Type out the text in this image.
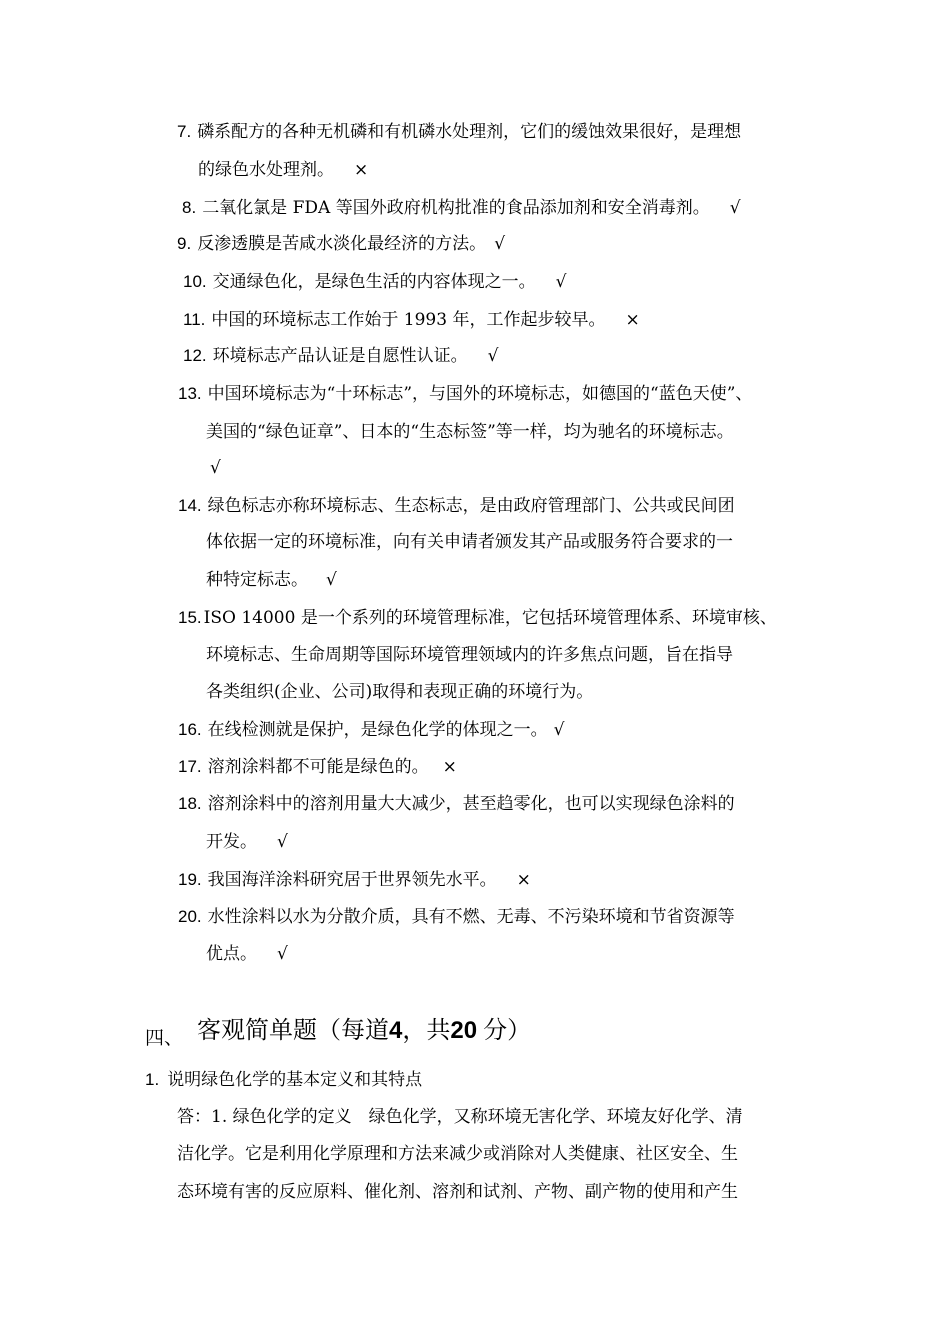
7. 磷系配方的各种无机磷和有机磷水处理剂，它们的缓蚀效果很好，是理想
的绿色水处理剂。 ×
8. 二氧化氯是 FDA 等国外政府机构批准的食品添加剂和安全消毒剂。 √
9. 反渗透膜是苦咸水淡化最经济的方法。 √
10. 交通绿色化，是绿色生活的内容体现之一。 √
11. 中国的环境标志工作始于 1993 年，工作起步较早。 ×
12. 环境标志产品认证是自愿性认证。 √
13. 中国环境标志为“十环标志”，与国外的环境标志，如德国的“蓝色天使”、
美国的“绿色证章”、日本的“生态标签”等一样，均为驰名的环境标志。
√
14. 绿色标志亦称环境标志、生态标志，是由政府管理部门、公共或民间团
体依据一定的环境标准，向有关申请者颁发其产品或服务符合要求的一
种特定标志。 √
15. ISO 14000 是一个系列的环境管理标准，它包括环境管理体系、环境审核、
环境标志、生命周期等国际环境管理领域内的许多焦点问题，旨在指导
各类组织(企业、公司)取得和表现正确的环境行为。
16. 在线检测就是保护，是绿色化学的体现之一。 √
17. 溶剂涂料都不可能是绿色的。 ×
18. 溶剂涂料中的溶剂用量大大减少，甚至趋零化，也可以实现绿色涂料的
开发。 √
19. 我国海洋涂料研究居于世界领先水平。 ×
20. 水性涂料以水为分散介质，具有不燃、无毒、不污染环境和节省资源等
优点。 √
$_{四、}$ 客观简单题（每道4，共20 分）
1. 说明绿色化学的基本定义和其特点
答：1. 绿色化学的定义　绿色化学，又称环境无害化学、环境友好化学、清
洁化学。它是利用化学原理和方法来减少或消除对人类健康、社区安全、生
态环境有害的反应原料、催化剂、溶剂和试剂、产物、副产物的使用和产生
